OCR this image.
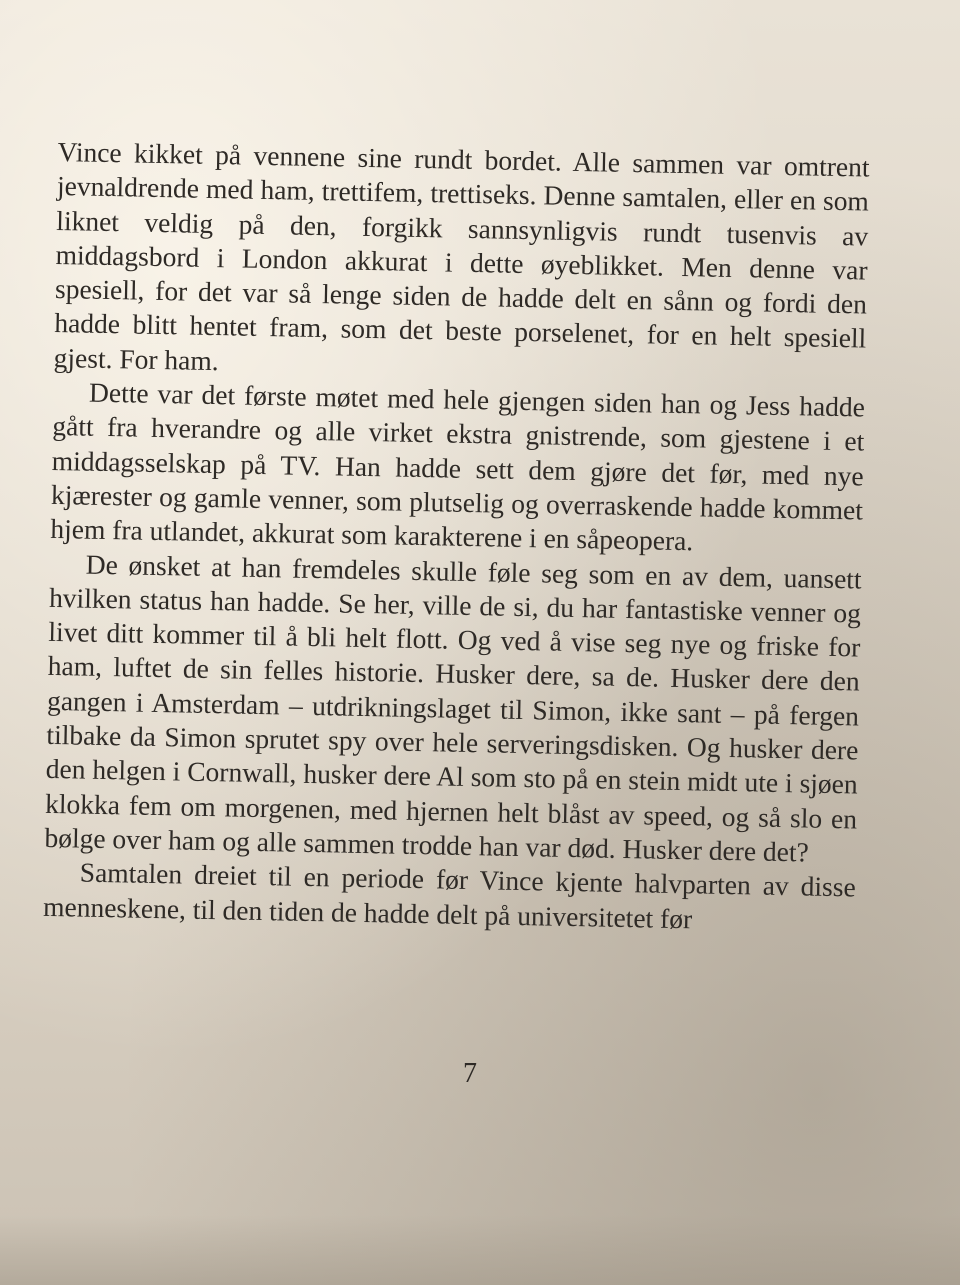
Vince kikket på vennene sine rundt bordet. Alle sammen var omtrent jevnaldrende med ham, trettifem, trettiseks. Denne samtalen, eller en som liknet veldig på den, forgikk sannsynligvis rundt tusenvis av middagsbord i London akkurat i dette øyeblikket. Men denne var spesiell, for det var så lenge siden de hadde delt en sånn og fordi den hadde blitt hentet fram, som det beste porselenet, for en helt spesiell gjest. For ham.

Dette var det første møtet med hele gjengen siden han og Jess hadde gått fra hverandre og alle virket ekstra gnistrende, som gjestene i et middagsselskap på TV. Han hadde sett dem gjøre det før, med nye kjærester og gamle venner, som plutselig og overraskende hadde kommet hjem fra utlandet, akkurat som karakterene i en såpeopera.

De ønsket at han fremdeles skulle føle seg som en av dem, uansett hvilken status han hadde. Se her, ville de si, du har fantastiske venner og livet ditt kommer til å bli helt flott. Og ved å vise seg nye og friske for ham, luftet de sin felles historie. Husker dere, sa de. Husker dere den gangen i Amsterdam – utdrikningslaget til Simon, ikke sant – på fergen tilbake da Simon sprutet spy over hele serveringsdisken. Og husker dere den helgen i Cornwall, husker dere Al som sto på en stein midt ute i sjøen klokka fem om morgenen, med hjernen helt blåst av speed, og så slo en bølge over ham og alle sammen trodde han var død. Husker dere det?

Samtalen dreiet til en periode før Vince kjente halvparten av disse menneskene, til den tiden de hadde delt på universitetet før

7
